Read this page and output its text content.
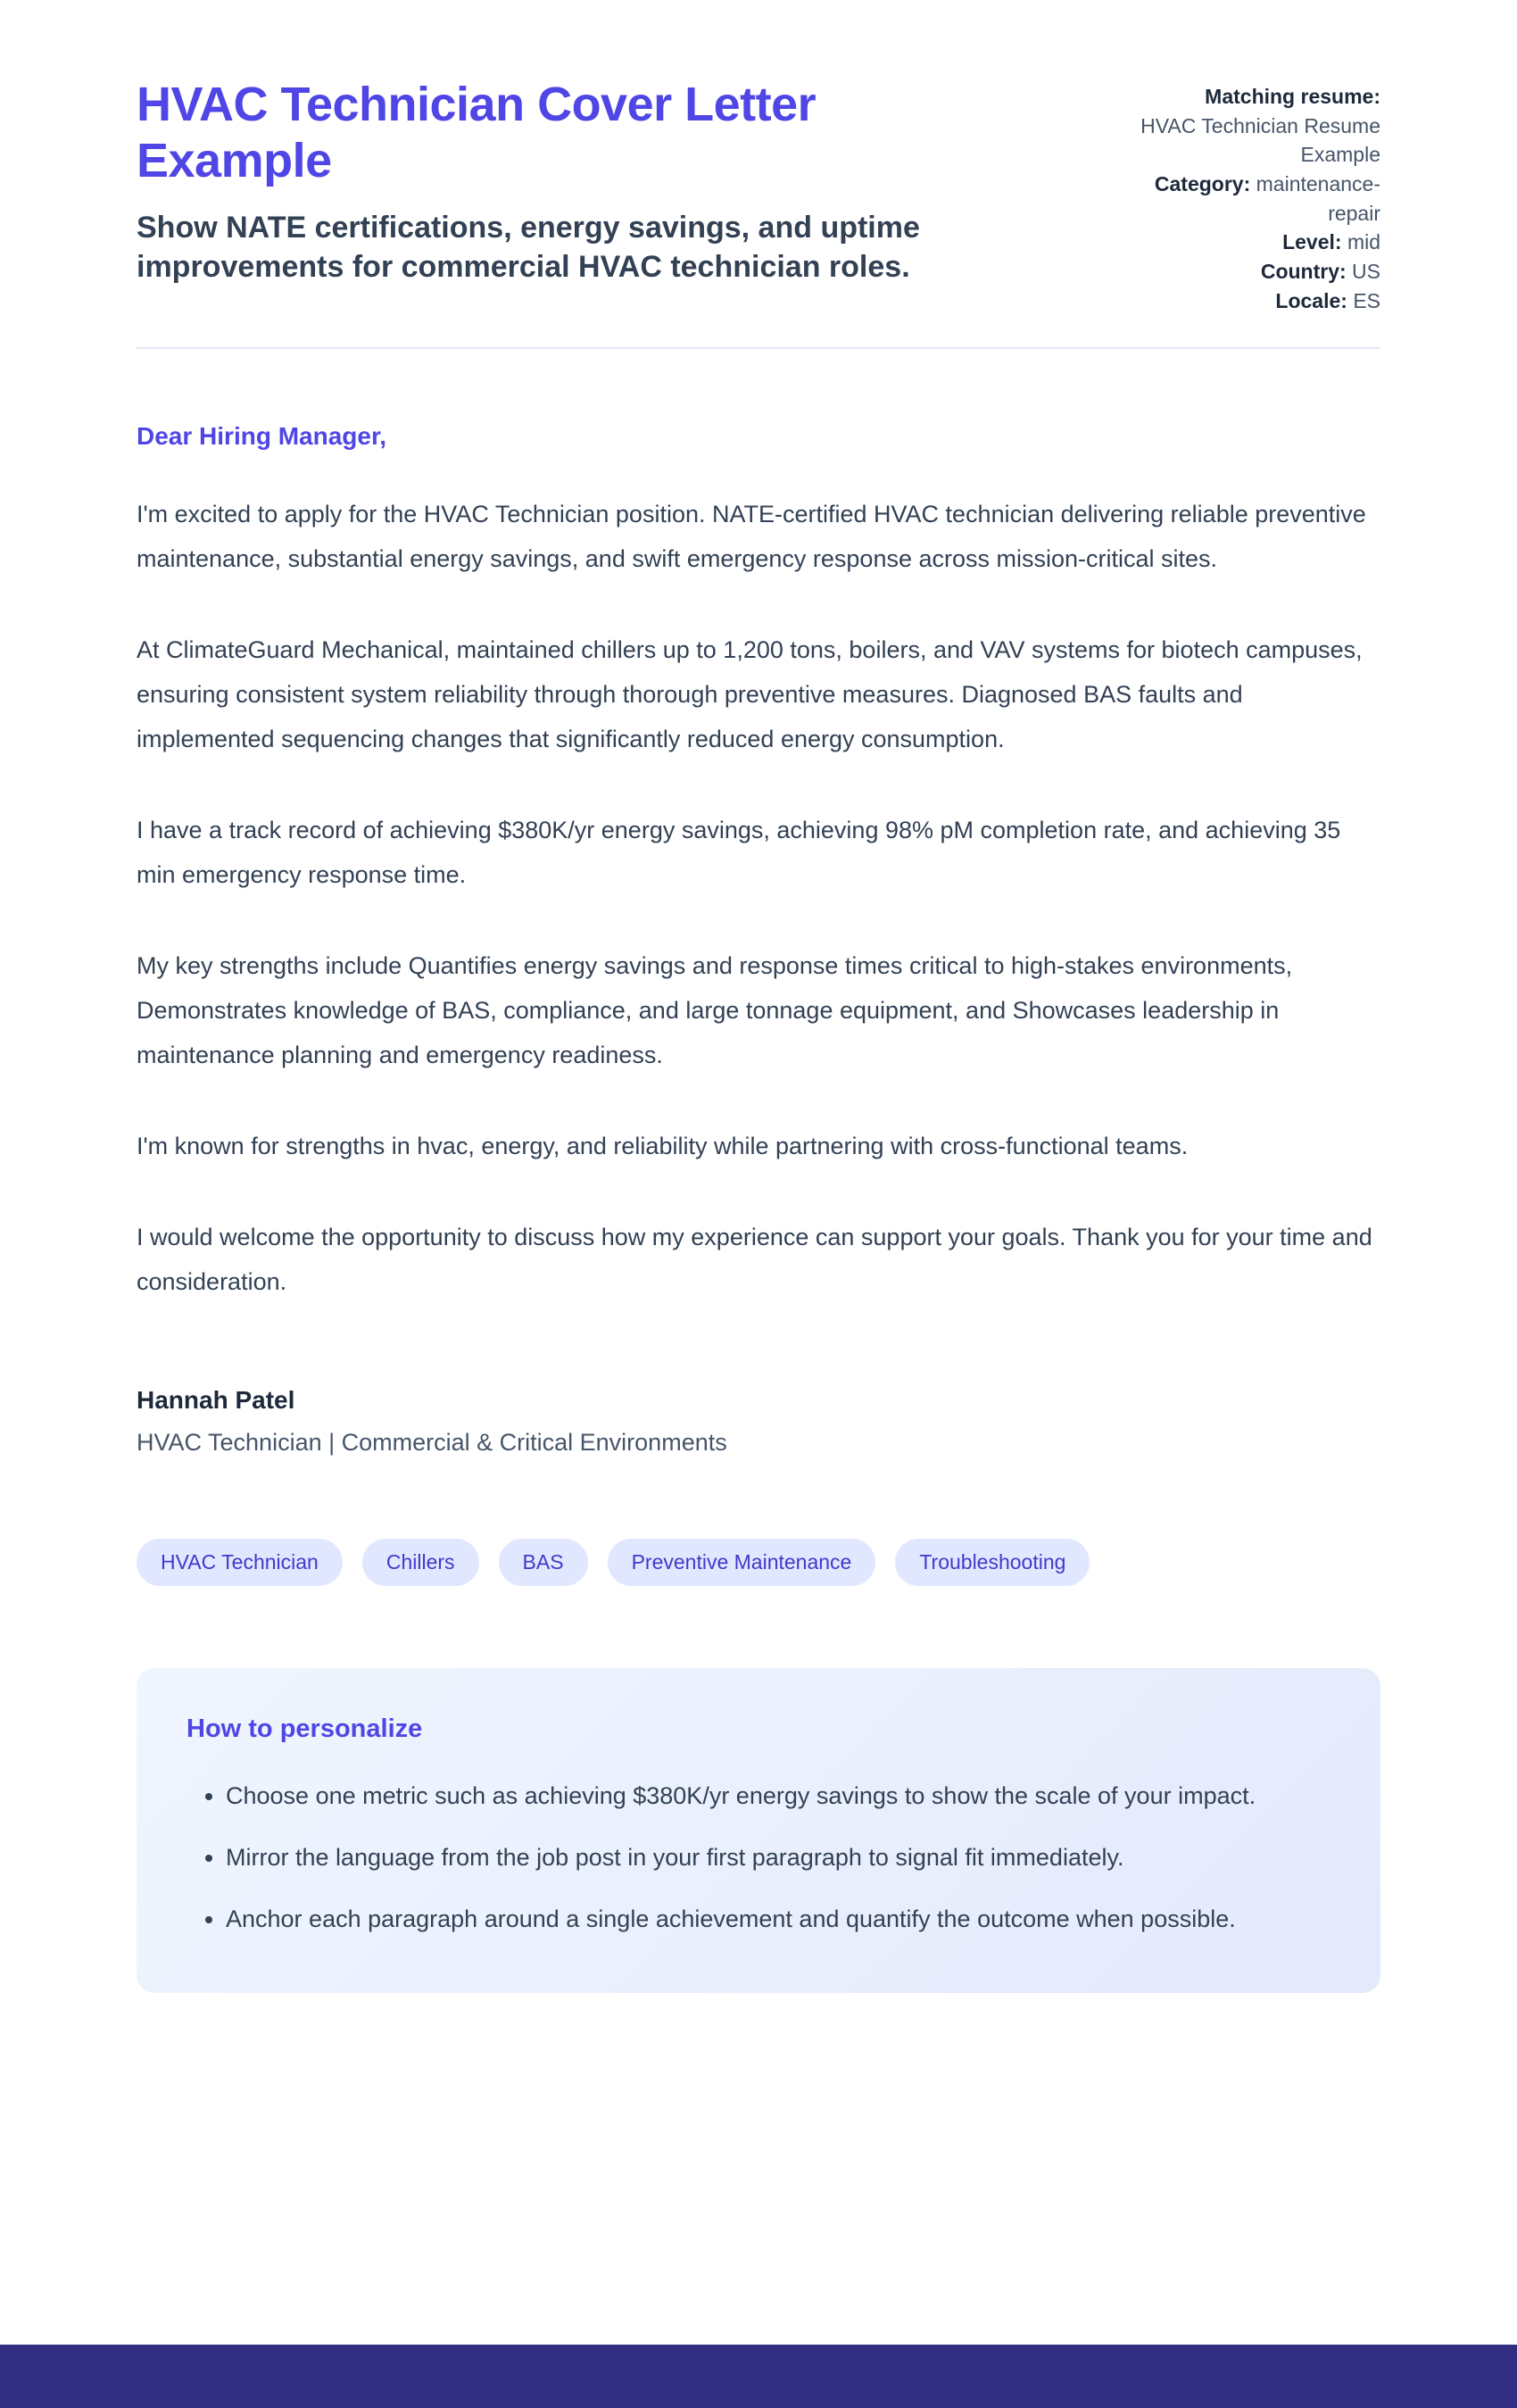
HVAC Technician Cover Letter Example

Show NATE certifications, energy savings, and uptime improvements for commercial HVAC technician roles.

Matching resume:
HVAC Technician Resume Example
Category: maintenance-repair
Level: mid
Country: US
Locale: ES

Dear Hiring Manager,

I'm excited to apply for the HVAC Technician position. NATE-certified HVAC technician delivering reliable preventive maintenance, substantial energy savings, and swift emergency response across mission-critical sites.

At ClimateGuard Mechanical, maintained chillers up to 1,200 tons, boilers, and VAV systems for biotech campuses, ensuring consistent system reliability through thorough preventive measures. Diagnosed BAS faults and implemented sequencing changes that significantly reduced energy consumption.

I have a track record of achieving $380K/yr energy savings, achieving 98% pM completion rate, and achieving 35 min emergency response time.

My key strengths include Quantifies energy savings and response times critical to high-stakes environments, Demonstrates knowledge of BAS, compliance, and large tonnage equipment, and Showcases leadership in maintenance planning and emergency readiness.

I'm known for strengths in hvac, energy, and reliability while partnering with cross-functional teams.

I would welcome the opportunity to discuss how my experience can support your goals. Thank you for your time and consideration.

Hannah Patel

HVAC Technician | Commercial & Critical Environments

HVAC Technician	Chillers	BAS	Preventive Maintenance	Troubleshooting
How to personalize
• Choose one metric such as achieving $380K/yr energy savings to show the scale of your impact.
• Mirror the language from the job post in your first paragraph to signal fit immediately.
• Anchor each paragraph around a single achievement and quantify the outcome when possible.
